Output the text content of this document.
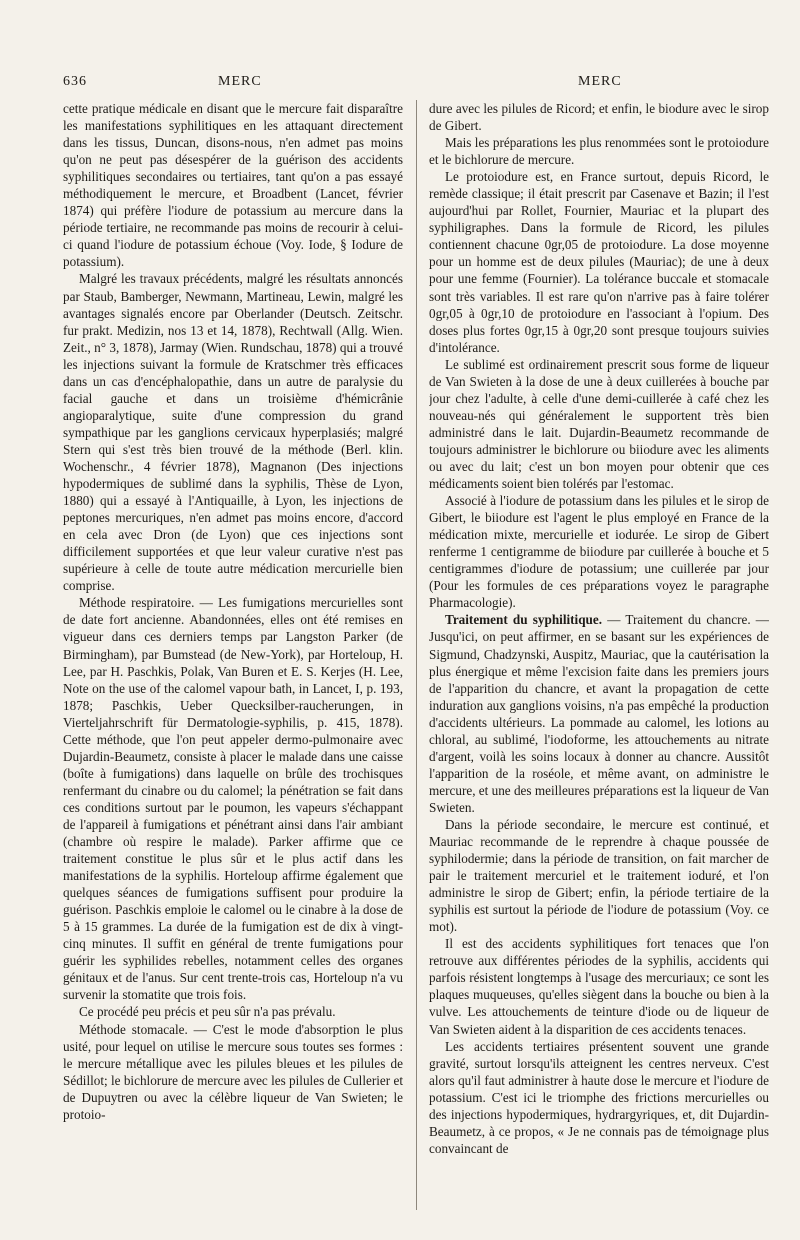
636	MERC	MERC

cette pratique médicale en disant que le mercure fait disparaître les manifestations syphilitiques en les attaquant directement dans les tissus, Duncan, disons-nous, n'en admet pas moins qu'on ne peut pas désespérer de la guérison des accidents syphilitiques secondaires ou tertiaires, tant qu'on a pas essayé méthodiquement le mercure, et Broadbent (Lancet, février 1874) qui préfère l'iodure de potassium au mercure dans la période tertiaire, ne recommande pas moins de recourir à celui-ci quand l'iodure de potassium échoue (Voy. Iode, § Iodure de potassium).

Malgré les travaux précédents, malgré les résultats annoncés par Staub, Bamberger, Newmann, Martineau, Lewin, malgré les avantages signalés encore par Oberlander (Deutsch. Zeitschr. fur prakt. Medizin, nos 13 et 14, 1878), Rechtwall (Allg. Wien. Zeit., n° 3, 1878), Jarmay (Wien. Rundschau, 1878) qui a trouvé les injections suivant la formule de Kratschmer très efficaces dans un cas d'encéphalopathie, dans un autre de paralysie du facial gauche et dans un troisième d'hémicrânie angioparalytique, suite d'une compression du grand sympathique par les ganglions cervicaux hyperplasiés; malgré Stern qui s'est très bien trouvé de la méthode (Berl. klin. Wochenschr., 4 février 1878), Magnanon (Des injections hypodermiques de sublimé dans la syphilis, Thèse de Lyon, 1880) qui a essayé à l'Antiquaille, à Lyon, les injections de peptones mercuriques, n'en admet pas moins encore, d'accord en cela avec Dron (de Lyon) que ces injections sont difficilement supportées et que leur valeur curative n'est pas supérieure à celle de toute autre médication mercurielle bien comprise.

Méthode respiratoire. — Les fumigations mercurielles sont de date fort ancienne. Abandonnées, elles ont été remises en vigueur dans ces derniers temps par Langston Parker (de Birmingham), par Bumstead (de New-York), par Horteloup, H. Lee, par H. Paschkis, Polak, Van Buren et E. S. Kerjes (H. Lee, Note on the use of the calomel vapour bath, in Lancet, I, p. 193, 1878; Paschkis, Ueber Quecksilber-raucherungen, in Vierteljahrschrift für Dermatologie-syphilis, p. 415, 1878). Cette méthode, que l'on peut appeler dermo-pulmonaire avec Dujardin-Beaumetz, consiste à placer le malade dans une caisse (boîte à fumigations) dans laquelle on brûle des trochisques renfermant du cinabre ou du calomel; la pénétration se fait dans ces conditions surtout par le poumon, les vapeurs s'échappant de l'appareil à fumigations et pénétrant ainsi dans l'air ambiant (chambre où respire le malade). Parker affirme que ce traitement constitue le plus sûr et le plus actif dans les manifestations de la syphilis. Horteloup affirme également que quelques séances de fumigations suffisent pour produire la guérison. Paschkis emploie le calomel ou le cinabre à la dose de 5 à 15 grammes. La durée de la fumigation est de dix à vingt-cinq minutes. Il suffit en général de trente fumigations pour guérir les syphilides rebelles, notamment celles des organes génitaux et de l'anus. Sur cent trente-trois cas, Horteloup n'a vu survenir la stomatite que trois fois.

Ce procédé peu précis et peu sûr n'a pas prévalu.

Méthode stomacale. — C'est le mode d'absorption le plus usité, pour lequel on utilise le mercure sous toutes ses formes : le mercure métallique avec les pilules bleues et les pilules de Sédillot; le bichlorure de mercure avec les pilules de Cullerier et de Dupuytren ou avec la célèbre liqueur de Van Swieten; le protoio-

dure avec les pilules de Ricord; et enfin, le biodure avec le sirop de Gibert.

Mais les préparations les plus renommées sont le protoiodure et le bichlorure de mercure.

Le protoiodure est, en France surtout, depuis Ricord, le remède classique; il était prescrit par Casenave et Bazin; il l'est aujourd'hui par Rollet, Fournier, Mauriac et la plupart des syphiligraphes. Dans la formule de Ricord, les pilules contiennent chacune 0gr,05 de protoiodure. La dose moyenne pour un homme est de deux pilules (Mauriac); de une à deux pour une femme (Fournier). La tolérance buccale et stomacale sont très variables. Il est rare qu'on n'arrive pas à faire tolérer 0gr,05 à 0gr,10 de protoiodure en l'associant à l'opium. Des doses plus fortes 0gr,15 à 0gr,20 sont presque toujours suivies d'intolérance.

Le sublimé est ordinairement prescrit sous forme de liqueur de Van Swieten à la dose de une à deux cuillerées à bouche par jour chez l'adulte, à celle d'une demi-cuillerée à café chez les nouveau-nés qui généralement le supportent très bien administré dans le lait. Dujardin-Beaumetz recommande de toujours administrer le bichlorure ou biiodure avec les aliments ou avec du lait; c'est un bon moyen pour obtenir que ces médicaments soient bien tolérés par l'estomac.

Associé à l'iodure de potassium dans les pilules et le sirop de Gibert, le biiodure est l'agent le plus employé en France de la médication mixte, mercurielle et iodurée. Le sirop de Gibert renferme 1 centigramme de biiodure par cuillerée à bouche et 5 centigrammes d'iodure de potassium; une cuillerée par jour (Pour les formules de ces préparations voyez le paragraphe Pharmacologie).

Traitement du syphilitique. — Traitement du chancre. — Jusqu'ici, on peut affirmer, en se basant sur les expériences de Sigmund, Chadzynski, Auspitz, Mauriac, que la cautérisation la plus énergique et même l'excision faite dans les premiers jours de l'apparition du chancre, et avant la propagation de cette induration aux ganglions voisins, n'a pas empêché la production d'accidents ultérieurs. La pommade au calomel, les lotions au chloral, au sublimé, l'iodoforme, les attouchements au nitrate d'argent, voilà les soins locaux à donner au chancre. Aussitôt l'apparition de la roséole, et même avant, on administre le mercure, et une des meilleures préparations est la liqueur de Van Swieten.

Dans la période secondaire, le mercure est continué, et Mauriac recommande de le reprendre à chaque poussée de syphilodermie; dans la période de transition, on fait marcher de pair le traitement mercuriel et le traitement ioduré, et l'on administre le sirop de Gibert; enfin, la période tertiaire de la syphilis est surtout la période de l'iodure de potassium (Voy. ce mot).

Il est des accidents syphilitiques fort tenaces que l'on retrouve aux différentes périodes de la syphilis, accidents qui parfois résistent longtemps à l'usage des mercuriaux; ce sont les plaques muqueuses, qu'elles siègent dans la bouche ou bien à la vulve. Les attouchements de teinture d'iode ou de liqueur de Van Swieten aident à la disparition de ces accidents tenaces.

Les accidents tertiaires présentent souvent une grande gravité, surtout lorsqu'ils atteignent les centres nerveux. C'est alors qu'il faut administrer à haute dose le mercure et l'iodure de potassium. C'est ici le triomphe des frictions mercurielles ou des injections hypodermiques, hydrargyriques, et, dit Dujardin-Beaumetz, à ce propos, « Je ne connais pas de témoignage plus convaincant de
